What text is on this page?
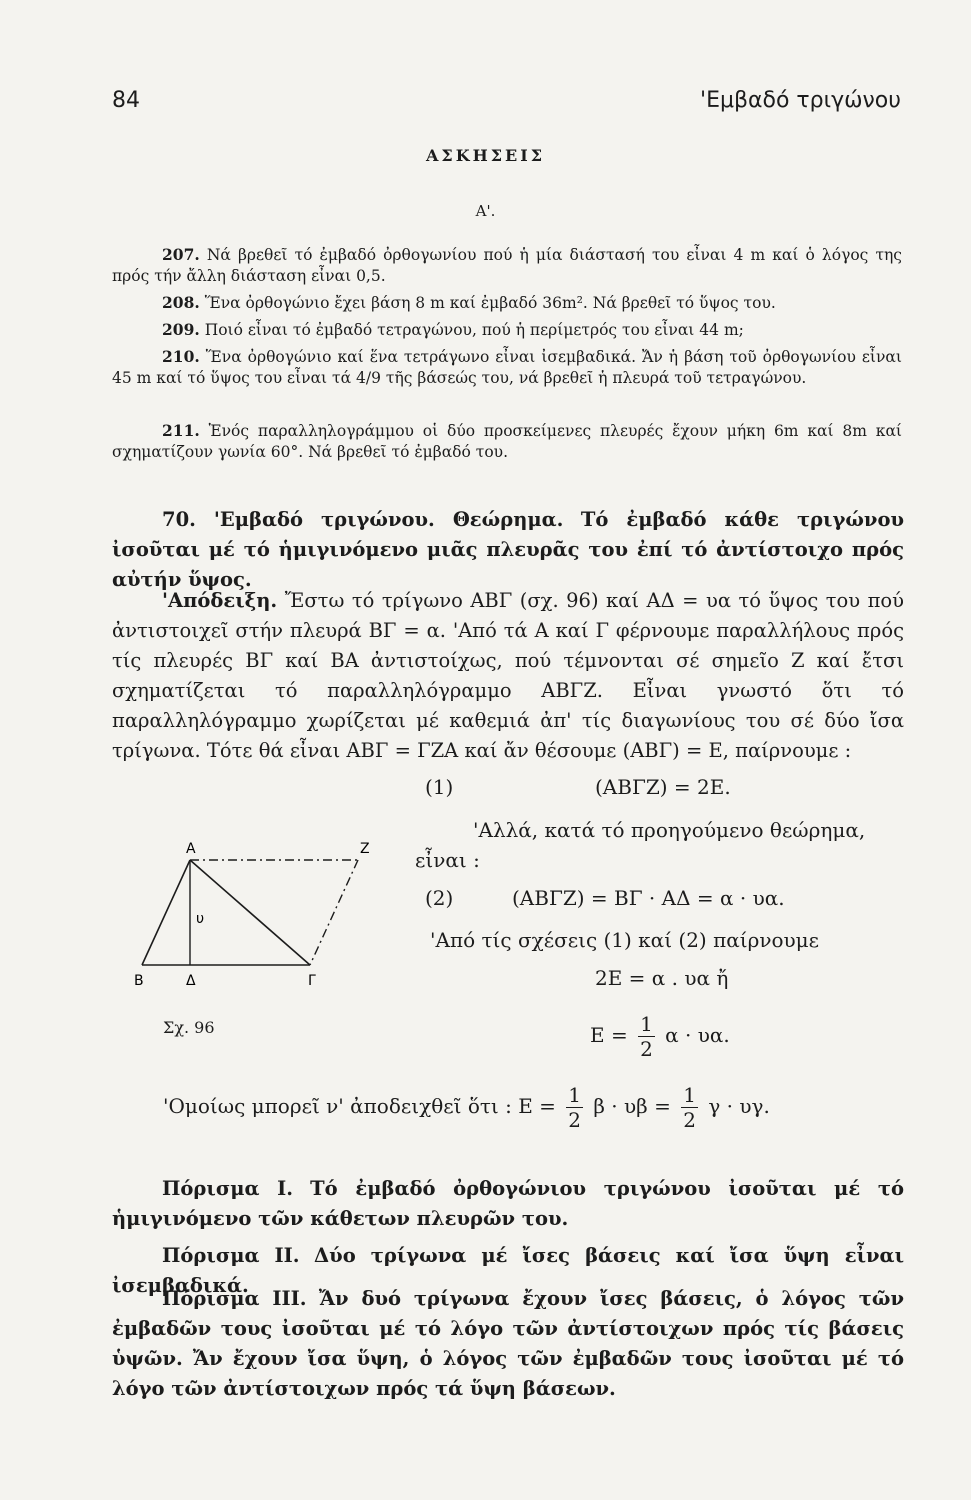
84	'Εμβαδό τριγώνου
ΑΣΚΗΣΕΙΣ
Α'.
207. Νά βρεθεῖ τό ἐμβαδό ὀρθογωνίου πού ἡ μία διάστασή του εἶναι 4 m καί ὁ λόγος της πρός τήν ἄλλη διάσταση εἶναι 0,5.
208. Ἕνα ὀρθογώνιο ἔχει βάση 8 m καί ἐμβαδό 36m². Νά βρεθεῖ τό ὕψος του.
209. Ποιό εἶναι τό ἐμβαδό τετραγώνου, πού ἡ περίμετρός του εἶναι 44 m;
210. Ἕνα ὀρθογώνιο καί ἕνα τετράγωνο εἶναι ἰσεμβαδικά. Ἄν ἡ βάση τοῦ ὀρθογωνίου εἶναι 45 m καί τό ὕψος του εἶναι τά 4/9 τῆς βάσεώς του, νά βρεθεῖ ἡ πλευρά τοῦ τετραγώνου.
211. Ἑνός παραλληλογράμμου οἱ δύο προσκείμενες πλευρές ἔχουν μήκη 6m καί 8m καί σχηματίζουν γωνία 60°. Νά βρεθεῖ τό ἐμβαδό του.
70. 'Εμβαδό τριγώνου. Θεώρημα. Τό ἐμβαδό κάθε τριγώνου ἰσοῦται μέ τό ἡμιγινόμενο μιᾶς πλευρᾶς του ἐπί τό ἀντίστοιχο πρός αὐτήν ὕψος.
'Απόδειξη. Ἔστω τό τρίγωνο ΑΒΓ (σχ. 96) καί ΑΔ = υα τό ὕψος του πού ἀντιστοιχεῖ στήν πλευρά ΒΓ = α. 'Από τά Α καί Γ φέρνουμε παραλλήλους πρός τίς πλευρές ΒΓ καί ΒΑ ἀντιστοίχως, πού τέμνονται σέ σημεῖο Ζ καί ἔτσι σχηματίζεται τό παραλληλόγραμμο ΑΒΓΖ. Εἶναι γνωστό ὅτι τό παραλληλόγραμμο χωρίζεται μέ καθεμιά ἀπ' τίς διαγωνίους του σέ δύο ἴσα τρίγωνα. Τότε θά εἶναι ΑΒΓ = ΓΖΑ καί ἄν θέσουμε (ΑΒΓ) = Ε, παίρνουμε :
(1)	(ΑΒΓΖ) = 2Ε.
'Αλλά, κατά τό προηγούμενο θεώρημα,
εἶναι :
(2)	(ΑΒΓΖ) = ΒΓ · ΑΔ = α · υα.
'Από τίς σχέσεις (1) καί (2) παίρνουμε
2Ε = α . υα ἤ
$E = \frac{1}{2}$ α · υα.
'Ομοίως μπορεῖ ν' ἀποδειχθεῖ ὅτι : $E = \frac{1}{2}$ $\beta \cdot \upsilon\beta = \frac{1}{2}$ γ · υγ.
Α	Z
Β	Δ	Γ
υ
Σχ. 96
Πόρισμα Ι. Τό ἐμβαδό ὀρθογώνιου τριγώνου ἰσοῦται μέ τό ἡμιγινόμενο τῶν κάθετων πλευρῶν του.
Πόρισμα ΙΙ. Δύο τρίγωνα μέ ἴσες βάσεις καί ἴσα ὕψη εἶναι ἰσεμβαδικά.
Πόρισμα ΙΙΙ. Ἄν δυό τρίγωνα ἔχουν ἴσες βάσεις, ὁ λόγος τῶν ἐμβαδῶν τους ἰσοῦται μέ τό λόγο τῶν ἀντίστοιχων πρός τίς βάσεις ὑψῶν. Ἄν ἔχουν ἴσα ὕψη, ὁ λόγος τῶν ἐμβαδῶν τους ἰσοῦται μέ τό λόγο τῶν ἀντίστοιχων πρός τά ὕψη βάσεων.
